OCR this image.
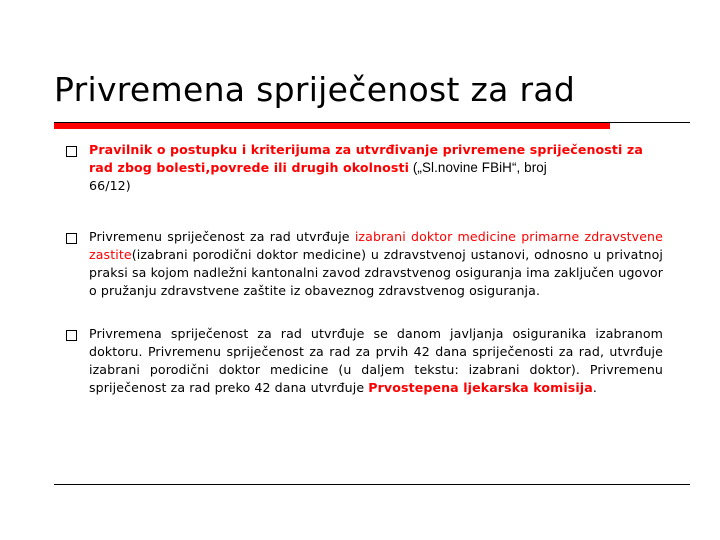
Privremena spriječenost za rad
Pravilnik o postupku i kriterijuma za utvrđivanje privremene spriječenosti za rad zbog bolesti,povrede ili drugih okolnosti („Sl.novine FBiH“, broj
66/12)
Privremenu spriječenost za rad utvrđuje izabrani doktor medicine primarne zdravstvene zastite(izabrani porodični doktor medicine) u zdravstvenoj ustanovi, odnosno u privatnoj praksi sa kojom nadležni kantonalni zavod zdravstvenog osiguranja ima zaključen ugovor o pružanju zdravstvene zaštite iz obaveznog zdravstvenog osiguranja.
Privremena spriječenost za rad utvrđuje se danom javljanja osiguranika izabranom doktoru. Privremenu spriječenost za rad za prvih 42 dana spriječenosti za rad, utvrđuje izabrani porodični doktor medicine (u daljem tekstu: izabrani doktor). Privremenu spriječenost za rad preko 42 dana utvrđuje Prvostepena ljekarska komisija.
